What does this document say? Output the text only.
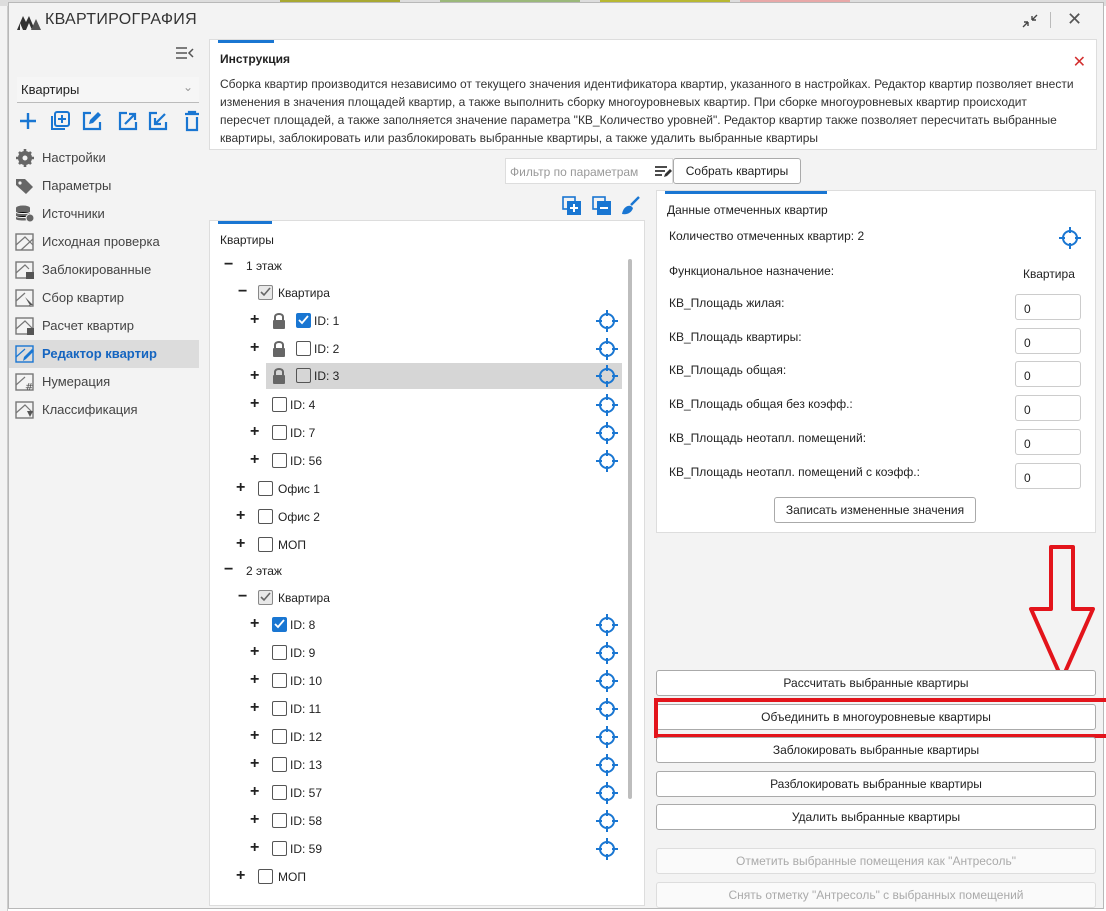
КВАРТИРОГРАФИЯ	✕
Квартиры	⌄
Настройки
Параметры
Источники
Исходная проверка
Заблокированные
Сбор квартир
Расчет квартир
Редактор квартир
# Нумерация
Классификация
Инструкция	✕
Сборка квартир производится независимо от текущего значения идентификатора квартир, указанного в настройках. Редактор квартир позволяет внести
изменения в значения площадей квартир, а также выполнить сборку многоуровневых квартир. При сборке многоуровневых квартир происходит
пересчет площадей, а также заполняется значение параметра "КВ_Количество уровней". Редактор квартир также позволяет пересчитать выбранные
квартиры, заблокировать или разблокировать выбранные квартиры, а также удалить выбранные квартиры
Фильтр по параметрам	Собрать квартиры
Квартиры
− 1 этаж
−	Квартира
+	ID: 1
+	ID: 2
ID: 3
+
+	ID: 4
+	ID: 7
+	ID: 56
+	Офис 1
+	Офис 2
+	МОП
− 2 этаж
−	Квартира
+	ID: 8
+	ID: 9
+	ID: 10
+	ID: 11
+	ID: 12
+	ID: 13
+	ID: 57
+	ID: 58
+	ID: 59
+	МОП
Данные отмеченных квартир
Количество отмеченных квартир: 2
Функциональное назначение:	Квартира
КВ_Площадь жилая:	0
КВ_Площадь квартиры:	0
КВ_Площадь общая:	0
КВ_Площадь общая без коэфф.:	0
КВ_Площадь неотапл. помещений:	0
КВ_Площадь неотапл. помещений с коэфф.:	0
Записать измененные значения
Рассчитать выбранные квартиры
Объединить в многоуровневые квартиры
Заблокировать выбранные квартиры
Разблокировать выбранные квартиры
Удалить выбранные квартиры
Отметить выбранные помещения как "Антресоль"
Снять отметку "Антресоль" с выбранных помещений
